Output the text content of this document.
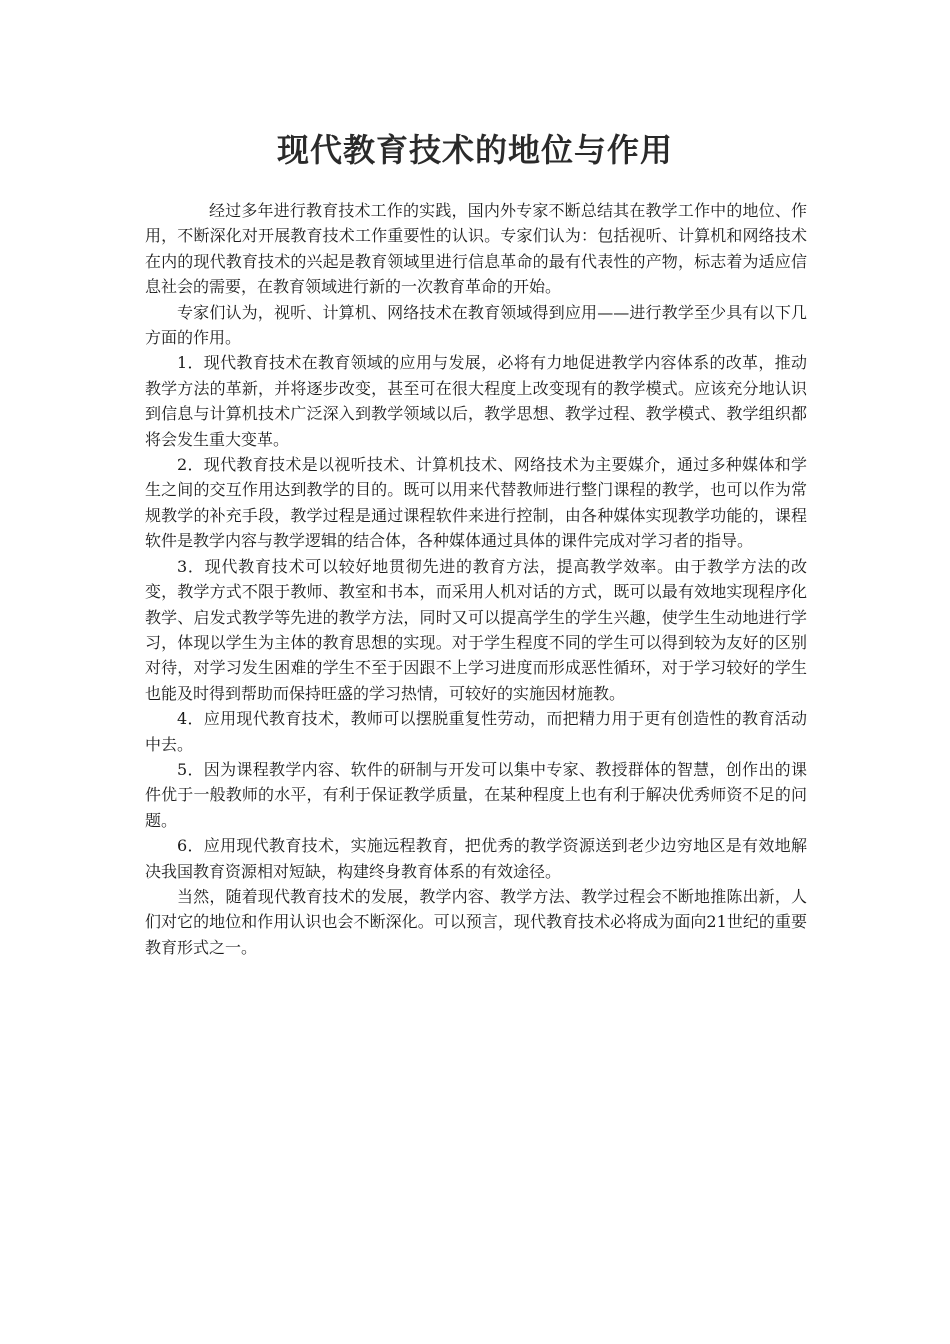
现代教育技术的地位与作用

经过多年进行教育技术工作的实践，国内外专家不断总结其在教学工作中的地位、作用，不断深化对开展教育技术工作重要性的认识。专家们认为：包括视听、计算机和网络技术在内的现代教育技术的兴起是教育领域里进行信息革命的最有代表性的产物，标志着为适应信息社会的需要，在教育领域进行新的一次教育革命的开始。

专家们认为，视听、计算机、网络技术在教育领域得到应用——进行教学至少具有以下几方面的作用。

1．现代教育技术在教育领域的应用与发展，必将有力地促进教学内容体系的改革，推动教学方法的革新，并将逐步改变，甚至可在很大程度上改变现有的教学模式。应该充分地认识到信息与计算机技术广泛深入到教学领域以后，教学思想、教学过程、教学模式、教学组织都将会发生重大变革。

2．现代教育技术是以视听技术、计算机技术、网络技术为主要媒介，通过多种媒体和学生之间的交互作用达到教学的目的。既可以用来代替教师进行整门课程的教学，也可以作为常规教学的补充手段，教学过程是通过课程软件来进行控制，由各种媒体实现教学功能的，课程软件是教学内容与教学逻辑的结合体，各种媒体通过具体的课件完成对学习者的指导。

3．现代教育技术可以较好地贯彻先进的教育方法，提高教学效率。由于教学方法的改变，教学方式不限于教师、教室和书本，而采用人机对话的方式，既可以最有效地实现程序化教学、启发式教学等先进的教学方法，同时又可以提高学生的学生兴趣，使学生生动地进行学习，体现以学生为主体的教育思想的实现。对于学生程度不同的学生可以得到较为友好的区别对待，对学习发生困难的学生不至于因跟不上学习进度而形成恶性循环，对于学习较好的学生也能及时得到帮助而保持旺盛的学习热情，可较好的实施因材施教。

4．应用现代教育技术，教师可以摆脱重复性劳动，而把精力用于更有创造性的教育活动中去。

5．因为课程教学内容、软件的研制与开发可以集中专家、教授群体的智慧，创作出的课件优于一般教师的水平，有利于保证教学质量，在某种程度上也有利于解决优秀师资不足的问题。

6．应用现代教育技术，实施远程教育，把优秀的教学资源送到老少边穷地区是有效地解决我国教育资源相对短缺，构建终身教育体系的有效途径。

当然，随着现代教育技术的发展，教学内容、教学方法、教学过程会不断地推陈出新，人们对它的地位和作用认识也会不断深化。可以预言，现代教育技术必将成为面向21世纪的重要教育形式之一。
